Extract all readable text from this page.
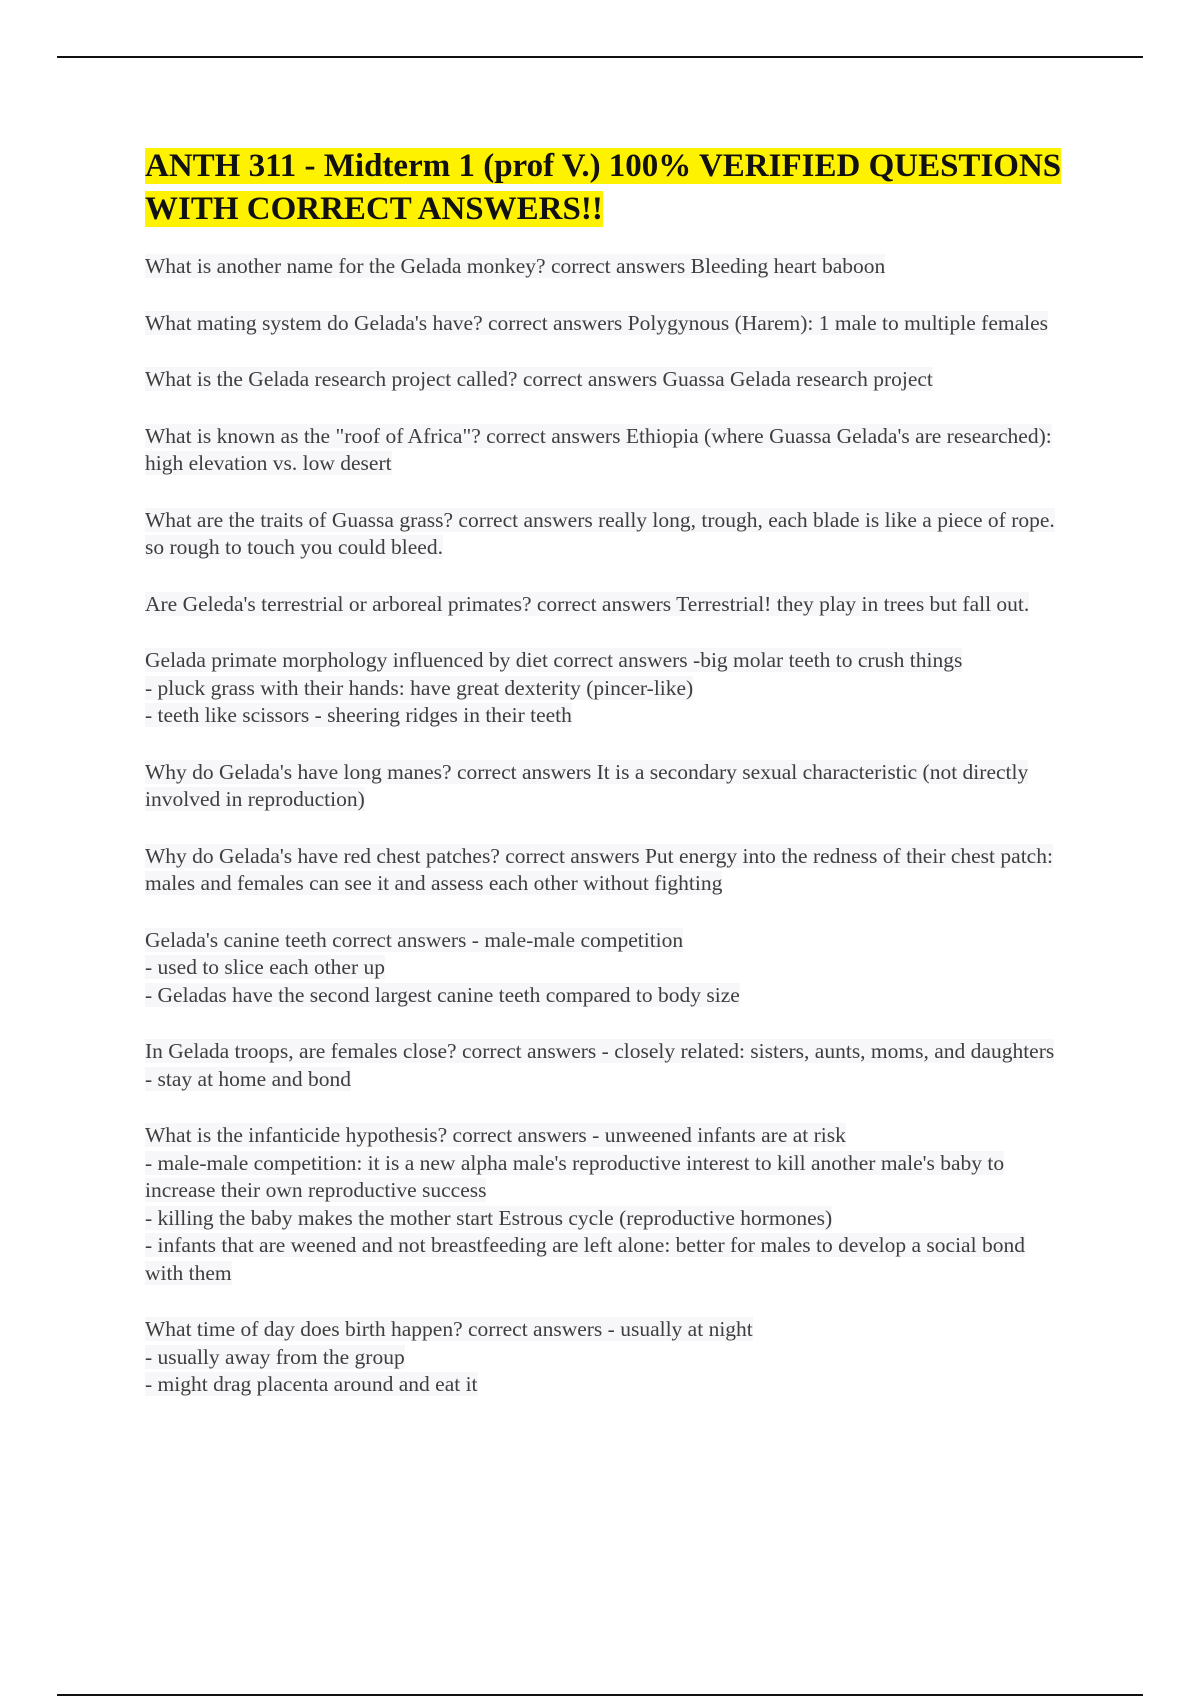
ANTH 311 - Midterm 1 (prof V.) 100% VERIFIED QUESTIONS WITH CORRECT ANSWERS!!
What is another name for the Gelada monkey? correct answers Bleeding heart baboon
What mating system do Gelada's have? correct answers Polygynous (Harem): 1 male to multiple females
What is the Gelada research project called? correct answers Guassa Gelada research project
What is known as the "roof of Africa"? correct answers Ethiopia (where Guassa Gelada's are researched): high elevation vs. low desert
What are the traits of Guassa grass? correct answers really long, trough, each blade is like a piece of rope. so rough to touch you could bleed.
Are Geleda's terrestrial or arboreal primates? correct answers Terrestrial! they play in trees but fall out.
Gelada primate morphology influenced by diet correct answers -big molar teeth to crush things
- pluck grass with their hands: have great dexterity (pincer-like)
- teeth like scissors - sheering ridges in their teeth
Why do Gelada's have long manes? correct answers It is a secondary sexual characteristic (not directly involved in reproduction)
Why do Gelada's have red chest patches? correct answers Put energy into the redness of their chest patch: males and females can see it and assess each other without fighting
Gelada's canine teeth correct answers - male-male competition
- used to slice each other up
- Geladas have the second largest canine teeth compared to body size
In Gelada troops, are females close? correct answers - closely related: sisters, aunts, moms, and daughters
- stay at home and bond
What is the infanticide hypothesis? correct answers - unweened infants are at risk
- male-male competition: it is a new alpha male's reproductive interest to kill another male's baby to increase their own reproductive success
- killing the baby makes the mother start Estrous cycle (reproductive hormones)
- infants that are weened and not breastfeeding are left alone: better for males to develop a social bond with them
What time of day does birth happen? correct answers - usually at night
- usually away from the group
- might drag placenta around and eat it
